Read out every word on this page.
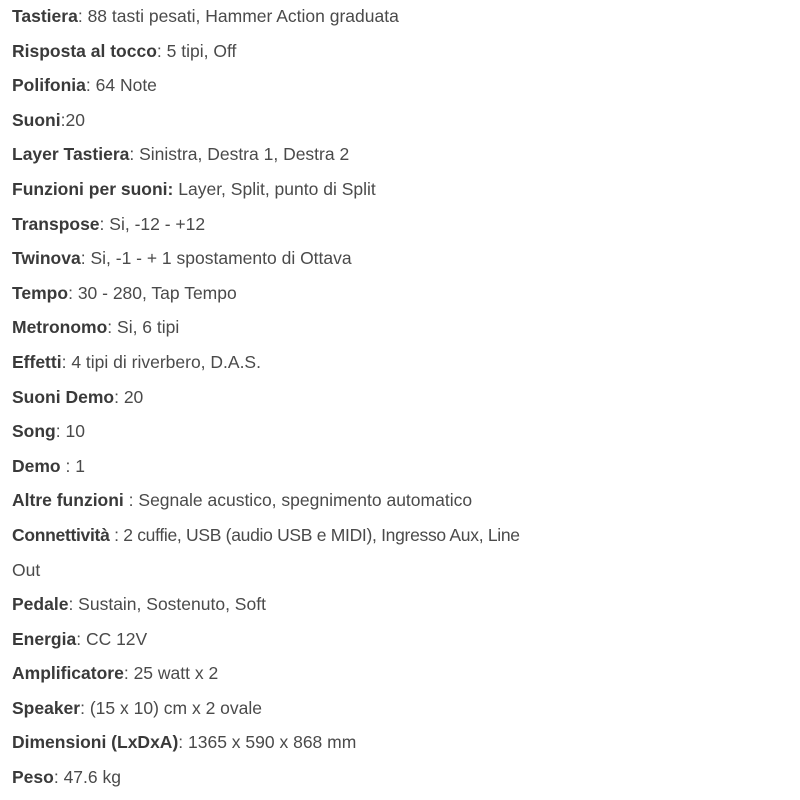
Tastiera: 88 tasti pesati, Hammer Action graduata
Risposta al tocco: 5 tipi, Off
Polifonia: 64 Note
Suoni:20
Layer Tastiera: Sinistra, Destra 1, Destra 2
Funzioni per suoni: Layer, Split, punto di Split
Transpose: Si, -12 - +12
Twinova: Si, -1 - + 1 spostamento di Ottava
Tempo: 30 - 280, Tap Tempo
Metronomo: Si, 6 tipi
Effetti: 4 tipi di riverbero, D.A.S.
Suoni Demo: 20
Song: 10
Demo : 1
Altre funzioni : Segnale acustico, spegnimento automatico
Connettività : 2 cuffie, USB (audio USB e MIDI), Ingresso Aux, Line
Out
Pedale: Sustain, Sostenuto, Soft
Energia: CC 12V
Amplificatore: 25 watt x 2
Speaker: (15 x 10) cm x 2 ovale
Dimensioni (LxDxA): 1365 x 590 x 868 mm
Peso: 47.6 kg
